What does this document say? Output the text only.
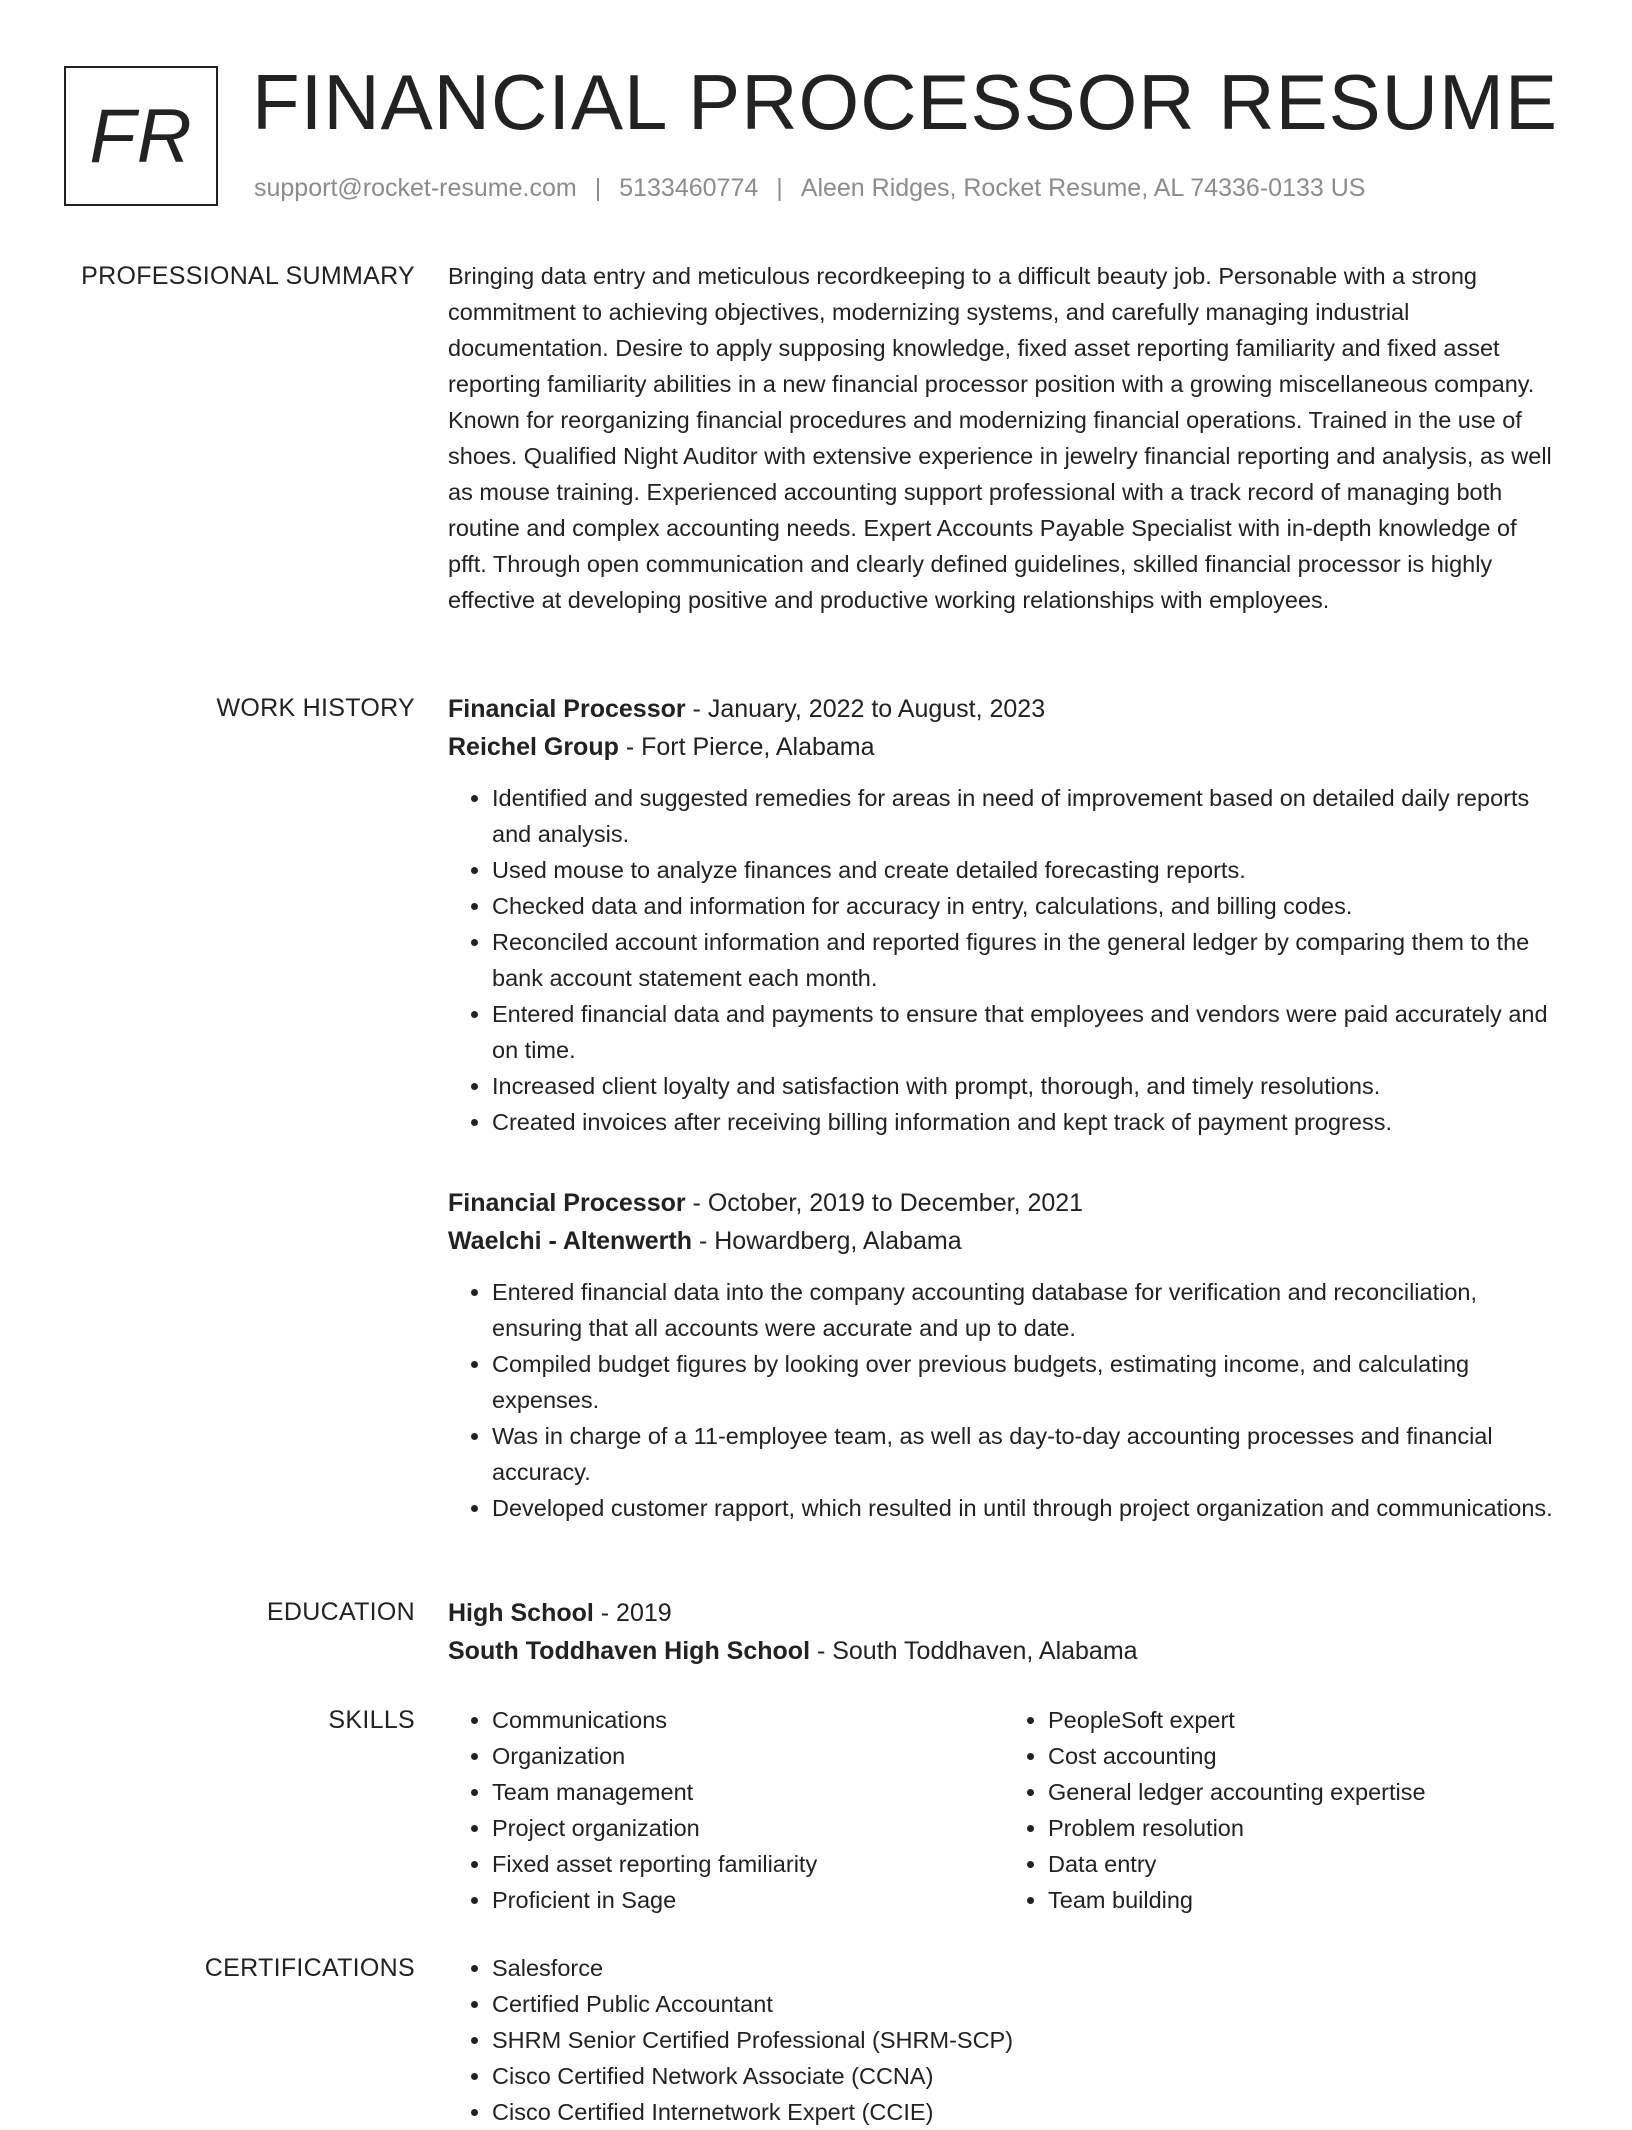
FR FINANCIAL PROCESSOR RESUME
support@rocket-resume.com | 5133460774 | Aleen Ridges, Rocket Resume, AL 74336-0133 US
PROFESSIONAL SUMMARY Bringing data entry and meticulous recordkeeping to a difficult beauty job. Personable with a strong commitment to achieving objectives, modernizing systems, and carefully managing industrial documentation. Desire to apply supposing knowledge, fixed asset reporting familiarity and fixed asset reporting familiarity abilities in a new financial processor position with a growing miscellaneous company. Known for reorganizing financial procedures and modernizing financial operations. Trained in the use of shoes. Qualified Night Auditor with extensive experience in jewelry financial reporting and analysis, as well as mouse training. Experienced accounting support professional with a track record of managing both routine and complex accounting needs. Expert Accounts Payable Specialist with in-depth knowledge of pfft. Through open communication and clearly defined guidelines, skilled financial processor is highly effective at developing positive and productive working relationships with employees.

WORK HISTORY Financial Processor - January, 2022 to August, 2023
Reichel Group - Fort Pierce, Alabama
• Identified and suggested remedies for areas in need of improvement based on detailed daily reports and analysis.
• Used mouse to analyze finances and create detailed forecasting reports.
• Checked data and information for accuracy in entry, calculations, and billing codes.
• Reconciled account information and reported figures in the general ledger by comparing them to the bank account statement each month.
• Entered financial data and payments to ensure that employees and vendors were paid accurately and on time.
• Increased client loyalty and satisfaction with prompt, thorough, and timely resolutions.
• Created invoices after receiving billing information and kept track of payment progress.
Financial Processor - October, 2019 to December, 2021
Waelchi - Altenwerth - Howardberg, Alabama
• Entered financial data into the company accounting database for verification and reconciliation, ensuring that all accounts were accurate and up to date.
• Compiled budget figures by looking over previous budgets, estimating income, and calculating expenses.
• Was in charge of a 11-employee team, as well as day-to-day accounting processes and financial accuracy.
• Developed customer rapport, which resulted in until through project organization and communications.
EDUCATION High School - 2019
South Toddhaven High School - South Toddhaven, Alabama
SKILLS	• Communications
• Organization
• Team management
• Project organization
• Fixed asset reporting familiarity
• Proficient in Sage
• PeopleSoft expert
• Cost accounting
• General ledger accounting expertise
• Problem resolution
• Data entry
• Team building
CERTIFICATIONS	• Salesforce
• Certified Public Accountant
• SHRM Senior Certified Professional (SHRM-SCP)
• Cisco Certified Network Associate (CCNA)
• Cisco Certified Internetwork Expert (CCIE)
